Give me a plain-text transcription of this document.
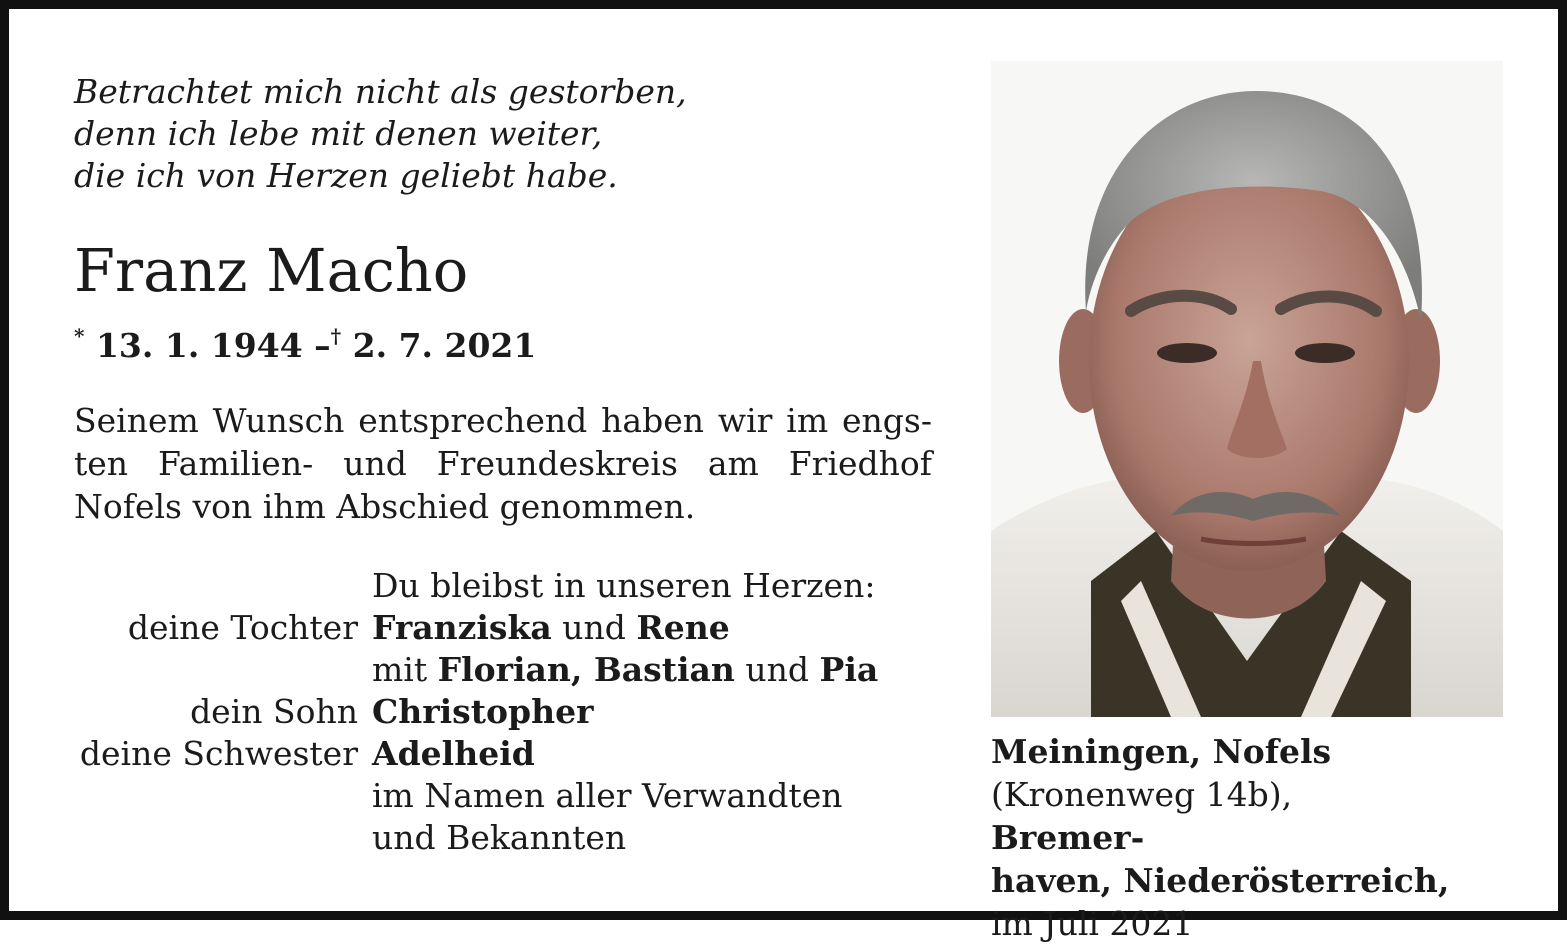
Betrachtet mich nicht als gestorben,
denn ich lebe mit denen weiter,
die ich von Herzen geliebt habe.
Franz Macho
* 13. 1. 1944 –† 2. 7. 2021
Seinem Wunsch entsprechend haben wir im engs-
ten Familien- und Freundeskreis am Friedhof
Nofels von ihm Abschied genommen.
Du bleibst in unseren Herzen:
deine Tochter Franziska und Rene
mit Florian, Bastian und Pia
dein Sohn Christopher
deine Schwester Adelheid
im Namen aller Verwandten
und Bekannten
Meiningen, Nofels
(Kronenweg 14b),
Bremer-
haven, Niederösterreich,
im Juli 2021
